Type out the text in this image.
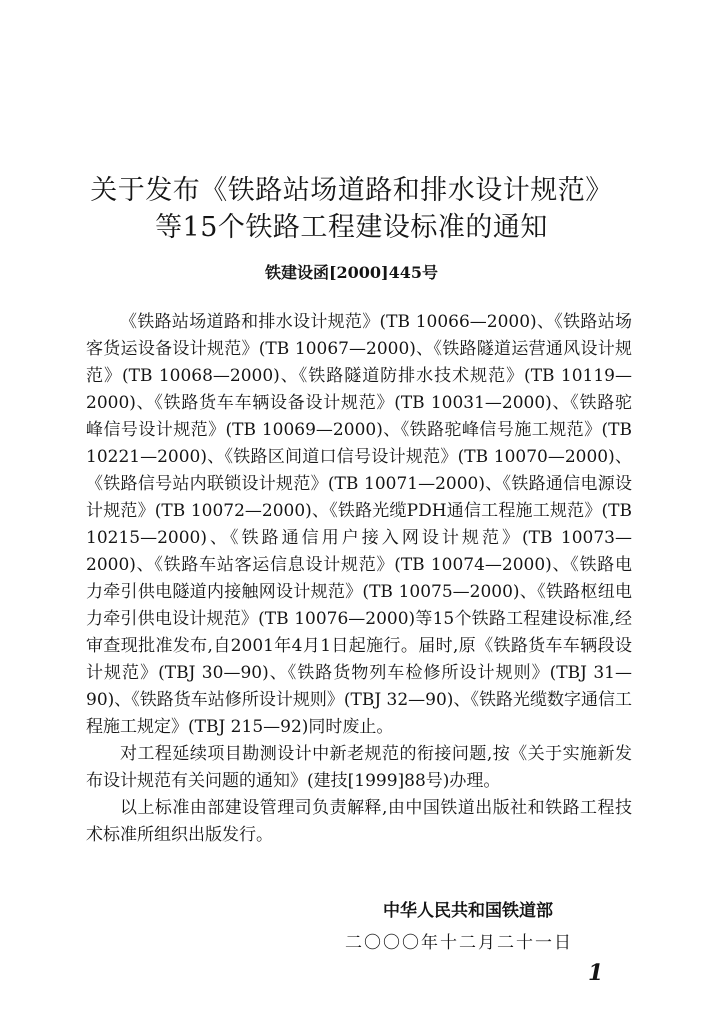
关于发布《铁路站场道路和排水设计规范》
等15个铁路工程建设标准的通知

铁建设函[2000]445号

《铁路站场道路和排水设计规范》(TB 10066—2000)、《铁路站场客货运设备设计规范》(TB 10067—2000)、《铁路隧道运营通风设计规范》(TB 10068—2000)、《铁路隧道防排水技术规范》(TB 10119—2000)、《铁路货车车辆设备设计规范》(TB 10031—2000)、《铁路驼峰信号设计规范》(TB 10069—2000)、《铁路驼峰信号施工规范》(TB 10221—2000)、《铁路区间道口信号设计规范》(TB 10070—2000)、《铁路信号站内联锁设计规范》(TB 10071—2000)、《铁路通信电源设计规范》(TB 10072—2000)、《铁路光缆PDH通信工程施工规范》(TB 10215—2000)、《铁路通信用户接入网设计规范》(TB 10073—2000)、《铁路车站客运信息设计规范》(TB 10074—2000)、《铁路电力牵引供电隧道内接触网设计规范》(TB 10075—2000)、《铁路枢纽电力牵引供电设计规范》(TB 10076—2000)等15个铁路工程建设标准,经审查现批准发布,自2001年4月1日起施行。届时,原《铁路货车车辆段设计规范》(TBJ 30—90)、《铁路货物列车检修所设计规则》(TBJ 31—90)、《铁路货车站修所设计规则》(TBJ 32—90)、《铁路光缆数字通信工程施工规定》(TBJ 215—92)同时废止。

对工程延续项目勘测设计中新老规范的衔接问题,按《关于实施新发布设计规范有关问题的通知》(建技[1999]88号)办理。

以上标准由部建设管理司负责解释,由中国铁道出版社和铁路工程技术标准所组织出版发行。

中华人民共和国铁道部

二〇〇〇年十二月二十一日

1
